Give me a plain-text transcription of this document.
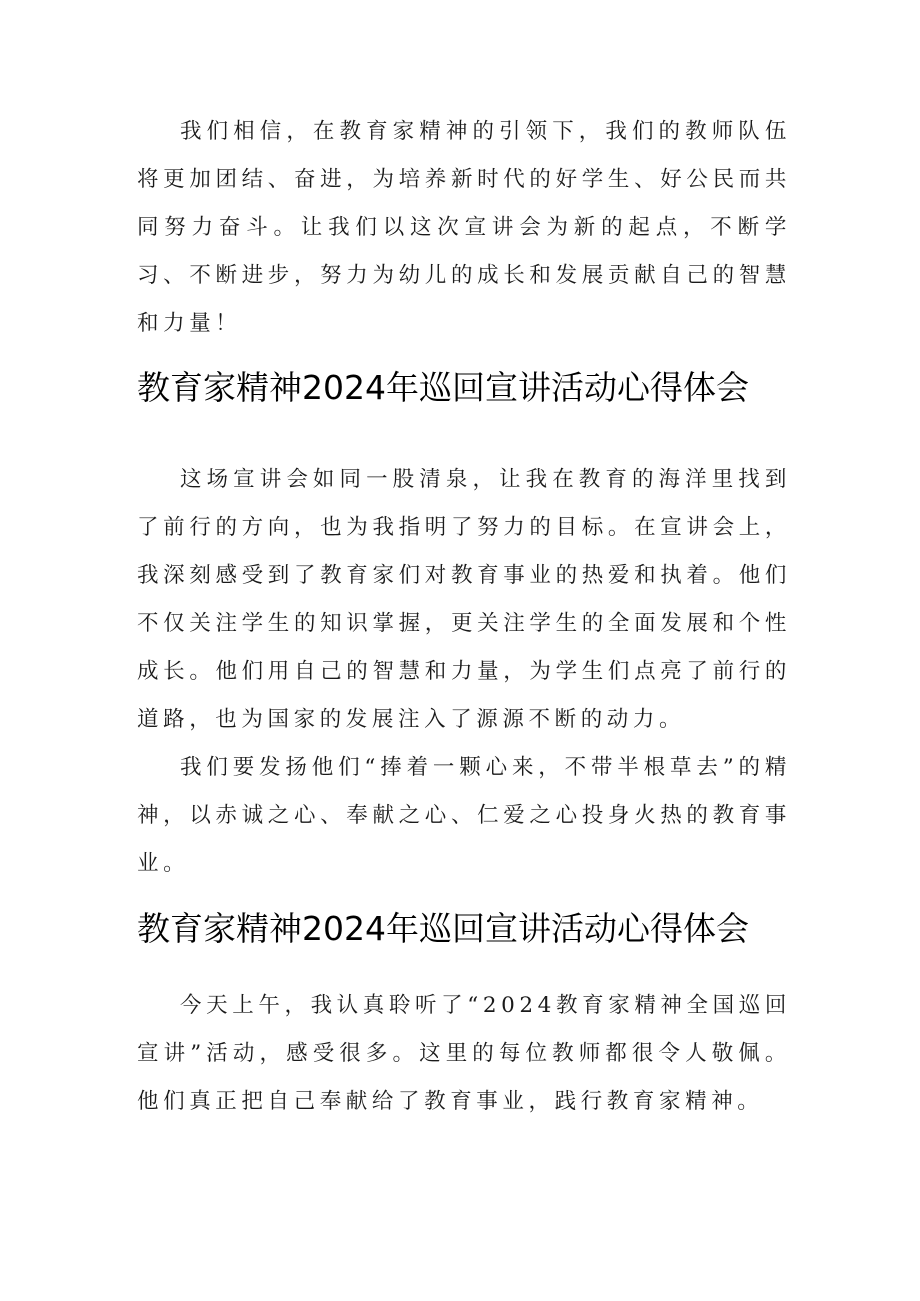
我们相信，在教育家精神的引领下，我们的教师队伍将更加团结、奋进，为培养新时代的好学生、好公民而共同努力奋斗。让我们以这次宣讲会为新的起点，不断学习、不断进步，努力为幼儿的成长和发展贡献自己的智慧和力量！

教育家精神2024年巡回宣讲活动心得体会

这场宣讲会如同一股清泉，让我在教育的海洋里找到了前行的方向，也为我指明了努力的目标。在宣讲会上，我深刻感受到了教育家们对教育事业的热爱和执着。他们不仅关注学生的知识掌握，更关注学生的全面发展和个性成长。他们用自己的智慧和力量，为学生们点亮了前行的道路，也为国家的发展注入了源源不断的动力。

我们要发扬他们“捧着一颗心来，不带半根草去”的精神，以赤诚之心、奉献之心、仁爱之心投身火热的教育事业。

教育家精神2024年巡回宣讲活动心得体会

今天上午，我认真聆听了“2024教育家精神全国巡回宣讲”活动，感受很多。这里的每位教师都很令人敬佩。他们真正把自己奉献给了教育事业，践行教育家精神。
